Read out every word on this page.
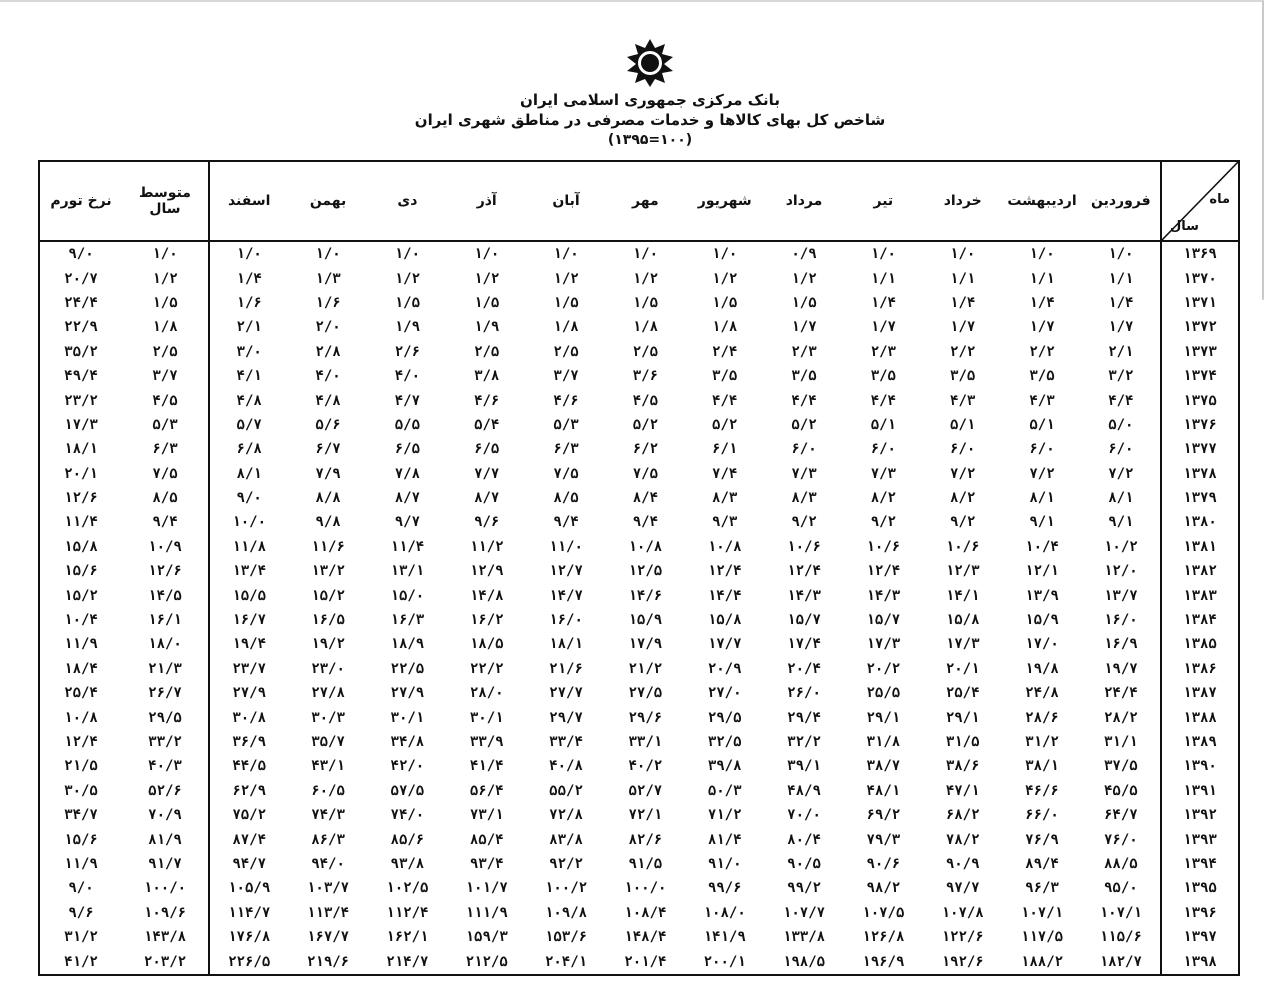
بانک مرکزی جمهوری اسلامی ایران

شاخص کل بهای کالاها و خدمات مصرفی در مناطق شهری ایران

(۱۳۹۵=۱۰۰)

ماه
سال	فروردین	اردیبهشت	خرداد	تیر	مرداد	شهریور	مهر	آبان	آذر	دی	بهمن	اسفند	متوسط سال	نرخ تورم
۱۳۶۹	۱/۰	۱/۰	۱/۰	۱/۰	۰/۹	۱/۰	۱/۰	۱/۰	۱/۰	۱/۰	۱/۰	۱/۰	۱/۰	۹/۰
۱۳۷۰	۱/۱	۱/۱	۱/۱	۱/۱	۱/۲	۱/۲	۱/۲	۱/۲	۱/۲	۱/۲	۱/۳	۱/۴	۱/۲	۲۰/۷
۱۳۷۱	۱/۴	۱/۴	۱/۴	۱/۴	۱/۵	۱/۵	۱/۵	۱/۵	۱/۵	۱/۵	۱/۶	۱/۶	۱/۵	۲۴/۴
۱۳۷۲	۱/۷	۱/۷	۱/۷	۱/۷	۱/۷	۱/۸	۱/۸	۱/۸	۱/۹	۱/۹	۲/۰	۲/۱	۱/۸	۲۲/۹
۱۳۷۳	۲/۱	۲/۲	۲/۲	۲/۳	۲/۳	۲/۴	۲/۵	۲/۵	۲/۵	۲/۶	۲/۸	۳/۰	۲/۵	۳۵/۲
۱۳۷۴	۳/۲	۳/۵	۳/۵	۳/۵	۳/۵	۳/۵	۳/۶	۳/۷	۳/۸	۴/۰	۴/۰	۴/۱	۳/۷	۴۹/۴
۱۳۷۵	۴/۴	۴/۳	۴/۳	۴/۴	۴/۴	۴/۴	۴/۵	۴/۶	۴/۶	۴/۷	۴/۸	۴/۸	۴/۵	۲۳/۲
۱۳۷۶	۵/۰	۵/۱	۵/۱	۵/۱	۵/۲	۵/۲	۵/۲	۵/۳	۵/۴	۵/۵	۵/۶	۵/۷	۵/۳	۱۷/۳
۱۳۷۷	۶/۰	۶/۰	۶/۰	۶/۰	۶/۰	۶/۱	۶/۲	۶/۳	۶/۵	۶/۵	۶/۷	۶/۸	۶/۳	۱۸/۱
۱۳۷۸	۷/۲	۷/۲	۷/۲	۷/۳	۷/۳	۷/۴	۷/۵	۷/۵	۷/۷	۷/۸	۷/۹	۸/۱	۷/۵	۲۰/۱
۱۳۷۹	۸/۱	۸/۱	۸/۲	۸/۲	۸/۳	۸/۳	۸/۴	۸/۵	۸/۷	۸/۷	۸/۸	۹/۰	۸/۵	۱۲/۶
۱۳۸۰	۹/۱	۹/۱	۹/۲	۹/۲	۹/۲	۹/۳	۹/۴	۹/۴	۹/۶	۹/۷	۹/۸	۱۰/۰	۹/۴	۱۱/۴
۱۳۸۱	۱۰/۲	۱۰/۴	۱۰/۶	۱۰/۶	۱۰/۶	۱۰/۸	۱۰/۸	۱۱/۰	۱۱/۲	۱۱/۴	۱۱/۶	۱۱/۸	۱۰/۹	۱۵/۸
۱۳۸۲	۱۲/۰	۱۲/۱	۱۲/۳	۱۲/۴	۱۲/۴	۱۲/۴	۱۲/۵	۱۲/۷	۱۲/۹	۱۳/۱	۱۳/۲	۱۳/۴	۱۲/۶	۱۵/۶
۱۳۸۳	۱۳/۷	۱۳/۹	۱۴/۱	۱۴/۳	۱۴/۳	۱۴/۴	۱۴/۶	۱۴/۷	۱۴/۸	۱۵/۰	۱۵/۲	۱۵/۵	۱۴/۵	۱۵/۲
۱۳۸۴	۱۶/۰	۱۵/۹	۱۵/۸	۱۵/۷	۱۵/۷	۱۵/۸	۱۵/۹	۱۶/۰	۱۶/۲	۱۶/۳	۱۶/۵	۱۶/۷	۱۶/۱	۱۰/۴
۱۳۸۵	۱۶/۹	۱۷/۰	۱۷/۳	۱۷/۳	۱۷/۴	۱۷/۷	۱۷/۹	۱۸/۱	۱۸/۵	۱۸/۹	۱۹/۲	۱۹/۴	۱۸/۰	۱۱/۹
۱۳۸۶	۱۹/۷	۱۹/۸	۲۰/۱	۲۰/۲	۲۰/۴	۲۰/۹	۲۱/۲	۲۱/۶	۲۲/۲	۲۲/۵	۲۳/۰	۲۳/۷	۲۱/۳	۱۸/۴
۱۳۸۷	۲۴/۴	۲۴/۸	۲۵/۴	۲۵/۵	۲۶/۰	۲۷/۰	۲۷/۵	۲۷/۷	۲۸/۰	۲۷/۹	۲۷/۸	۲۷/۹	۲۶/۷	۲۵/۴
۱۳۸۸	۲۸/۲	۲۸/۶	۲۹/۱	۲۹/۱	۲۹/۴	۲۹/۵	۲۹/۶	۲۹/۷	۳۰/۱	۳۰/۱	۳۰/۳	۳۰/۸	۲۹/۵	۱۰/۸
۱۳۸۹	۳۱/۱	۳۱/۲	۳۱/۵	۳۱/۸	۳۲/۲	۳۲/۵	۳۳/۱	۳۳/۴	۳۳/۹	۳۴/۸	۳۵/۷	۳۶/۹	۳۳/۲	۱۲/۴
۱۳۹۰	۳۷/۵	۳۸/۱	۳۸/۶	۳۸/۷	۳۹/۱	۳۹/۸	۴۰/۲	۴۰/۸	۴۱/۴	۴۲/۰	۴۳/۱	۴۴/۵	۴۰/۳	۲۱/۵
۱۳۹۱	۴۵/۵	۴۶/۶	۴۷/۱	۴۸/۱	۴۸/۹	۵۰/۳	۵۲/۷	۵۵/۲	۵۶/۴	۵۷/۵	۶۰/۵	۶۲/۹	۵۲/۶	۳۰/۵
۱۳۹۲	۶۴/۷	۶۶/۰	۶۸/۲	۶۹/۲	۷۰/۰	۷۱/۲	۷۲/۱	۷۲/۸	۷۳/۱	۷۴/۰	۷۴/۳	۷۵/۲	۷۰/۹	۳۴/۷
۱۳۹۳	۷۶/۰	۷۶/۹	۷۸/۲	۷۹/۳	۸۰/۴	۸۱/۴	۸۲/۶	۸۳/۸	۸۵/۴	۸۵/۶	۸۶/۳	۸۷/۴	۸۱/۹	۱۵/۶
۱۳۹۴	۸۸/۵	۸۹/۴	۹۰/۹	۹۰/۶	۹۰/۵	۹۱/۰	۹۱/۵	۹۲/۲	۹۳/۴	۹۳/۸	۹۴/۰	۹۴/۷	۹۱/۷	۱۱/۹
۱۳۹۵	۹۵/۰	۹۶/۳	۹۷/۷	۹۸/۲	۹۹/۲	۹۹/۶	۱۰۰/۰	۱۰۰/۲	۱۰۱/۷	۱۰۲/۵	۱۰۳/۷	۱۰۵/۹	۱۰۰/۰	۹/۰
۱۳۹۶	۱۰۷/۱	۱۰۷/۱	۱۰۷/۸	۱۰۷/۵	۱۰۷/۷	۱۰۸/۰	۱۰۸/۴	۱۰۹/۸	۱۱۱/۹	۱۱۲/۴	۱۱۳/۴	۱۱۴/۷	۱۰۹/۶	۹/۶
۱۳۹۷	۱۱۵/۶	۱۱۷/۵	۱۲۲/۶	۱۲۶/۸	۱۳۳/۸	۱۴۱/۹	۱۴۸/۴	۱۵۳/۶	۱۵۹/۳	۱۶۲/۱	۱۶۷/۷	۱۷۶/۸	۱۴۳/۸	۳۱/۲
۱۳۹۸	۱۸۲/۷	۱۸۸/۲	۱۹۲/۶	۱۹۶/۹	۱۹۸/۵	۲۰۰/۱	۲۰۱/۴	۲۰۴/۱	۲۱۲/۵	۲۱۴/۷	۲۱۹/۶	۲۲۶/۵	۲۰۳/۲	۴۱/۲
